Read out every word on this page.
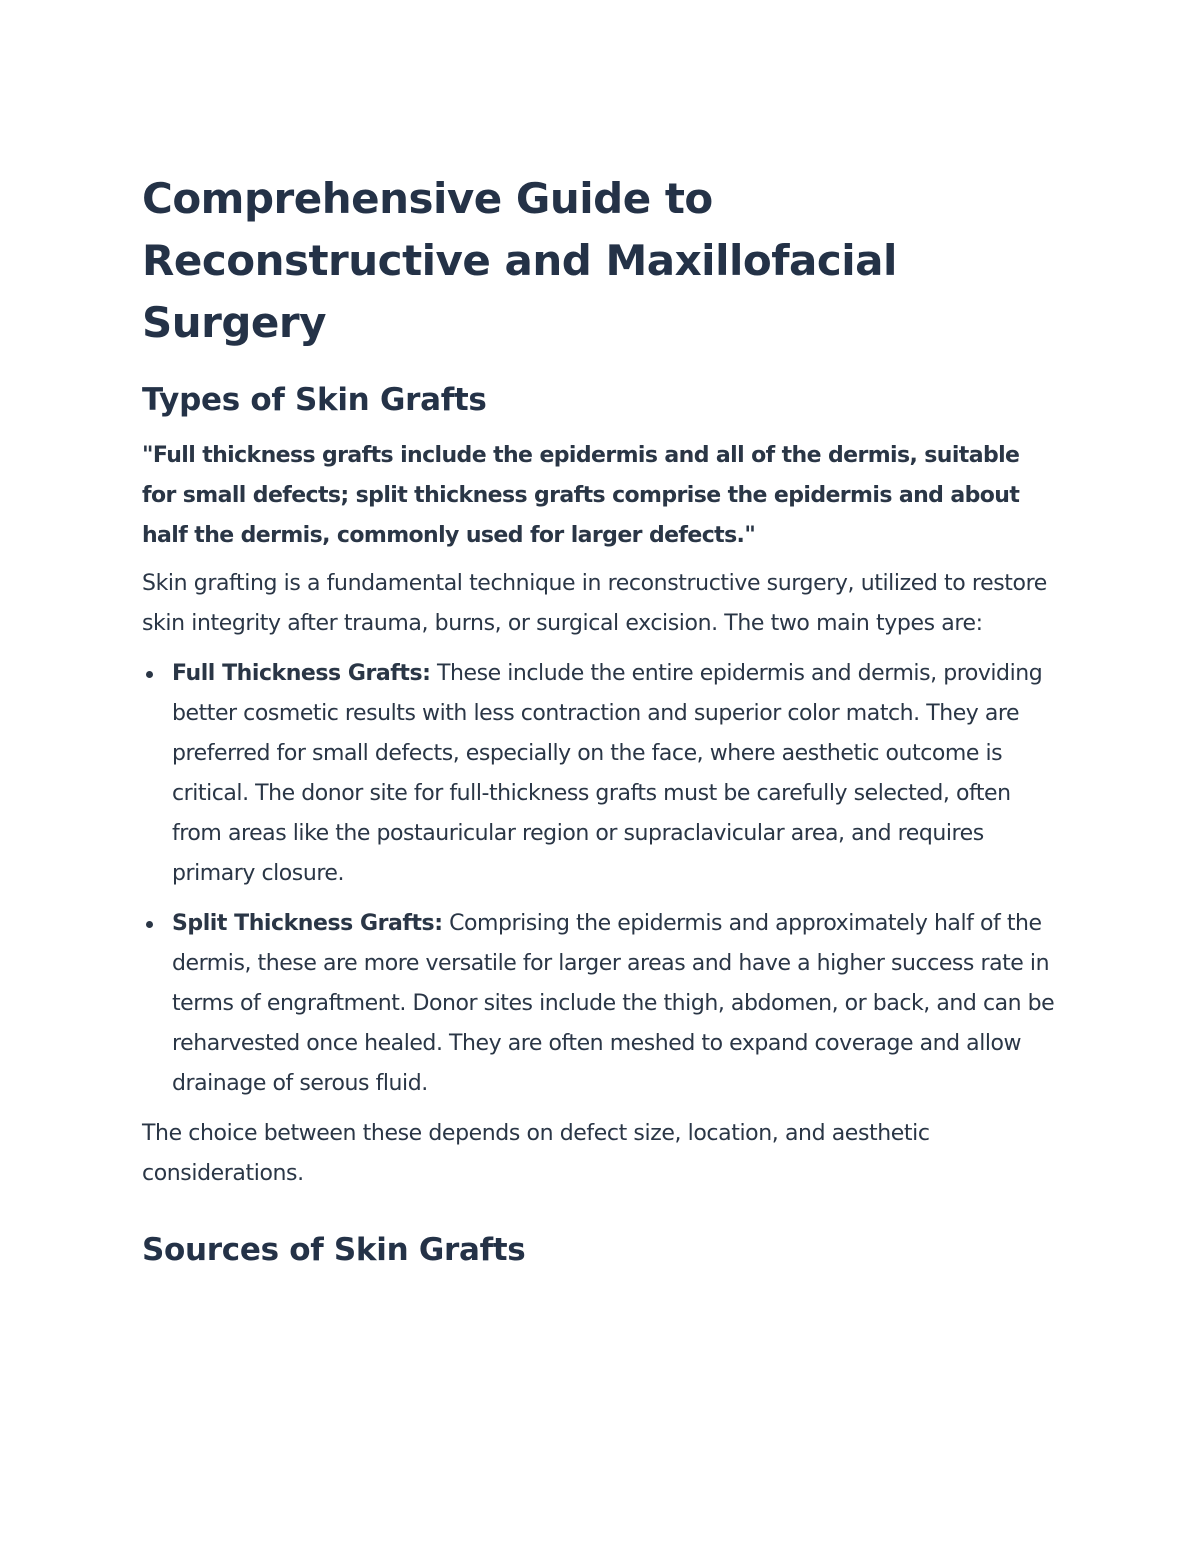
Comprehensive Guide to Reconstructive and Maxillofacial Surgery
Types of Skin Grafts

"Full thickness grafts include the epidermis and all of the dermis, suitable for small defects; split thickness grafts comprise the epidermis and about half the dermis, commonly used for larger defects."

Skin grafting is a fundamental technique in reconstructive surgery, utilized to restore skin integrity after trauma, burns, or surgical excision. The two main types are:

Full Thickness Grafts: These include the entire epidermis and dermis, providing better cosmetic results with less contraction and superior color match. They are preferred for small defects, especially on the face, where aesthetic outcome is critical. The donor site for full-thickness grafts must be carefully selected, often from areas like the postauricular region or supraclavicular area, and requires primary closure.
Split Thickness Grafts: Comprising the epidermis and approximately half of the dermis, these are more versatile for larger areas and have a higher success rate in terms of engraftment. Donor sites include the thigh, abdomen, or back, and can be reharvested once healed. They are often meshed to expand coverage and allow drainage of serous fluid.

The choice between these depends on defect size, location, and aesthetic considerations.

Sources of Skin Grafts
